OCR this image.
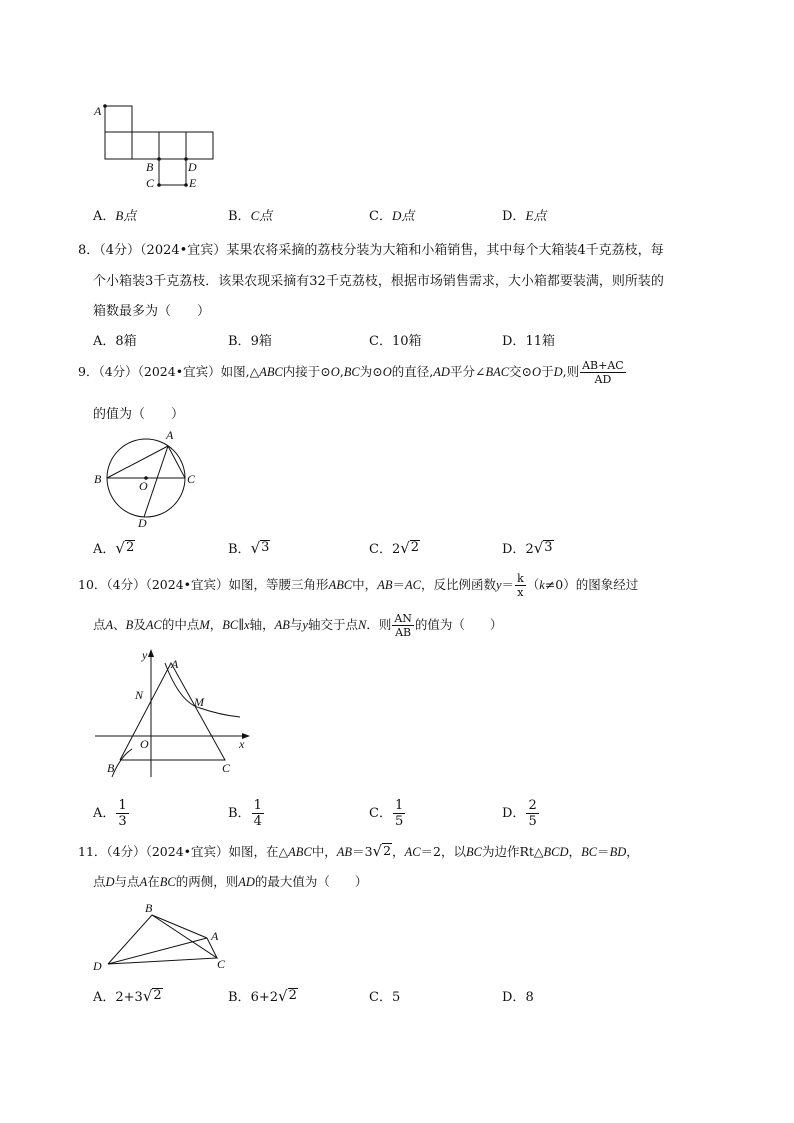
A
B
C
D
E
A．B点	B．C点	C．D点	D．E点
8．（4分）（2024•宜宾）某果农将采摘的荔枝分装为大箱和小箱销售，其中每个大箱装4千克荔枝，每
个小箱装3千克荔枝．该果农现采摘有32千克荔枝，根据市场销售需求，大小箱都要装满，则所装的
箱数最多为（　　）
A．8箱	B．9箱	C．10箱	D．11箱
9．（4分）（2024•宜宾）如图,△ABC内接于⊙O,BC为⊙O的直径,AD平分∠BAC交⊙O于D,则 $\frac{AB+AC}{AD}$
的值为（　　）
A
B	C
D
O
A． √ 2	B． √ 3	C．2 √ 2	D．2 √ 3
10．（4分）（2024•宜宾）如图，等腰三角形ABC中，AB＝AC，反比例函数$y= \frac{k}{x} (k\ne 0)$的图象经过
点A、B及AC的中点M，BC∥x轴，AB与y轴交于点N．则 $\frac{AN}{AB}$ 的值为（　　）
y
A
N	M
O	x
B	C
A． $\frac{1}{3}$	B． $\frac{1}{4}$	C． $\frac{1}{5}$	D． $\frac{2}{5}$
11．（4分）（2024•宜宾）如图，在△ABC中，AB＝3 √ 2 ，AC＝2，以BC为边作Rt△BCD，BC＝BD，
点D与点A在BC的两侧，则AD的最大值为（　　）
B
A
C
D
A．2+3 √ 2	B．6+2 √ 2	C．5	D．8
